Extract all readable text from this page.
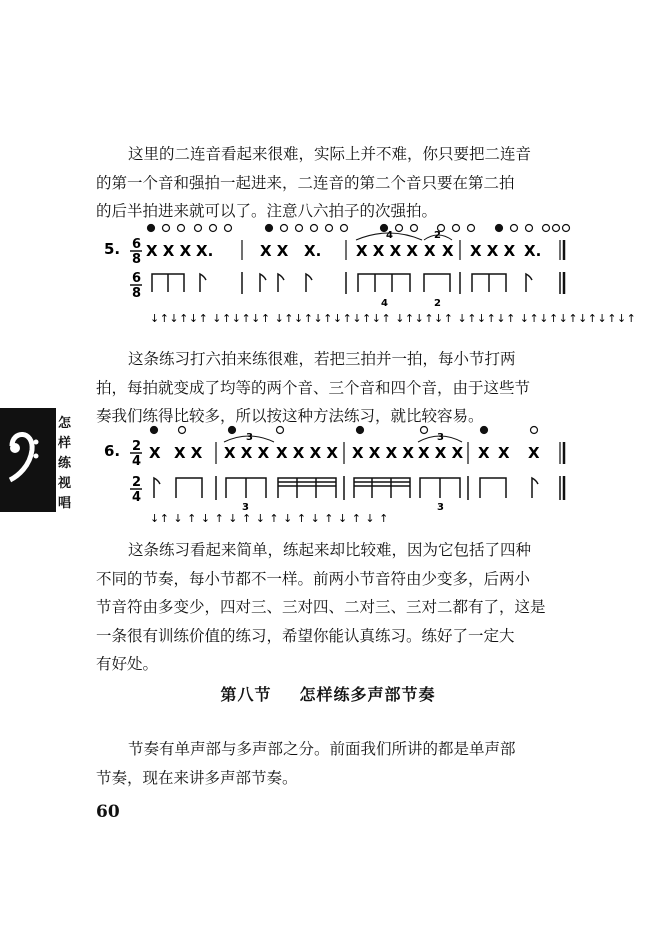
这里的二连音看起来很难，实际上并不难，你只要把二连音
的第一个音和强拍一起进来，二连音的第二个音只要在第二拍
的后半拍进来就可以了。注意八六拍子的次强拍。
5. 6
8
6
8
X X X X.	X X X. X X X X X X X X X X.
4	2
4	2
↓↑↓↑↓↑ ↓↑↓↑↓↑ ↓↑↓↑↓↑↓↑↓↑↓↑ ↓↑↓↑↓↑ ↓↑↓↑↓↑ ↓↑↓↑↓↑↓↑↓↑↓↑
这条练习打六拍来练很难，若把三拍并一拍，每小节打两
拍，每拍就变成了均等的两个音、三个音和四个音，由于这些节
奏我们练得比较多，所以按这种方法练习，就比较容易。
怎
样
练
视
唱
6. 2
4
2
4
X X X X X X X X X X X X X X X X X X X X
3	3
3	3
↓↑ ↓ ↑ ↓ ↑ ↓ ↑ ↓ ↑ ↓ ↑ ↓ ↑ ↓ ↑ ↓ ↑
这条练习看起来简单，练起来却比较难，因为它包括了四种
不同的节奏，每小节都不一样。前两小节音符由少变多，后两小
节音符由多变少，四对三、三对四、二对三、三对二都有了，这是
一条很有训练价值的练习，希望你能认真练习。练好了一定大
有好处。
第八节 怎样练多声部节奏
节奏有单声部与多声部之分。前面我们所讲的都是单声部
节奏，现在来讲多声部节奏。
60
